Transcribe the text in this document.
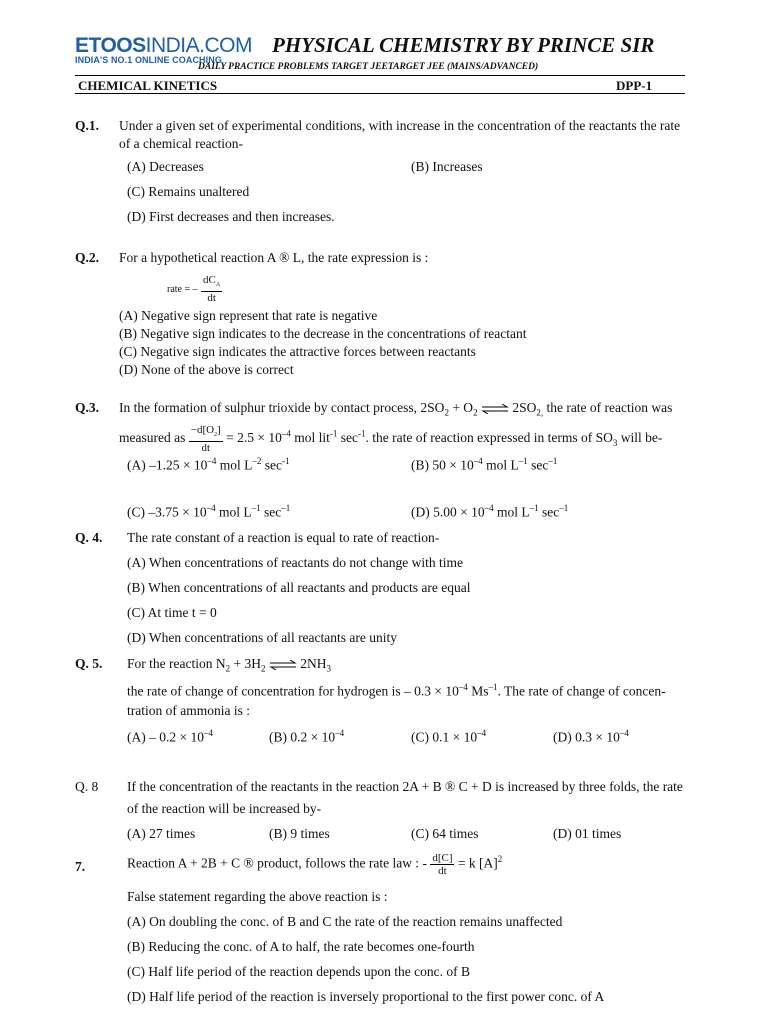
ETOOSINDIA.COM
INDIA'S NO.1 ONLINE COACHING
PHYSICAL CHEMISTRY BY PRINCE SIR
DAILY PRACTICE PROBLEMS TARGET JEETARGET JEE (MAINS/ADVANCED)
CHEMICAL KINETICS	DPP-1
Q.1. Under a given set of experimental conditions, with increase in the concentration of the reactants the rate
of a chemical reaction-
(A) Decreases	(B) Increases
(C) Remains unaltered
(D) First decreases and then increases.
Q.2. For a hypothetical reaction A ® L, the rate expression is :
rate = – $\frac{dC_A}{dt}$
(A) Negative sign represent that rate is negative
(B) Negative sign indicates to the decrease in the concentrations of reactant
(C) Negative sign indicates the attractive forces between reactants
(D) None of the above is correct
Q.3. In the formation of sulphur trioxide by contact process, $2SO_2 + O_2$ ⇌ $2SO_{2,}$ the rate of reaction was
measured as $\frac{-d[O_2]}{dt} = 2.5 \times 10^{-4}$ mol lit$^{-1}$ $\sec^{-1}$. the rate of reaction expressed in terms of $SO_3$ will be-
(A) $-1.25 \times 10^{-4}$ mol $L^{-2}$ $\sec^{-1}$	(B) $50 \times 10^{-4}$ mol $L^{-1}$ $\sec^{-1}$
(C) $-3.75 \times 10^{-4}$ mol $L^{-1}$ $\sec^{-1}$	(D) $5.00 \times 10^{-4}$ mol $L^{-1}$ $\sec^{-1}$
Q. 4. The rate constant of a reaction is equal to rate of reaction-
(A) When concentrations of reactants do not change with time
(B) When concentrations of all reactants and products are equal
(C) At time t = 0
(D) When concentrations of all reactants are unity
Q. 5. For the reaction $N_2 + 3H_2$ ⇌ $2NH_3$
the rate of change of concentration for hydrogen is – $0.3 \times 10^{-4}$ $Ms^{-1}$. The rate of change of concen-
tration of ammonia is :
$(A) - 0.2 \times 10^{-4}$	(B) $0.2 \times 10^{-4}$	(C) $0.1 \times 10^{-4}$	(D) $0.3 \times 10^{-4}$
Q. 8 If the concentration of the reactants in the reaction 2A + B ® C + D is increased by three folds, the rate
of the reaction will be increased by-
(A) 27 times	(B) 9 times	(C) 64 times	(D) 01 times
7.	Reaction A + 2B + C ® product, follows the rate law : - $\frac{d[C]}{dt} = k$ $[A]^2$
False statement regarding the above reaction is :
(A) On doubling the conc. of B and C the rate of the reaction remains unaffected
(B) Reducing the conc. of A to half, the rate becomes one-fourth
(C) Half life period of the reaction depends upon the conc. of B
(D) Half life period of the reaction is inversely proportional to the first power conc. of A
